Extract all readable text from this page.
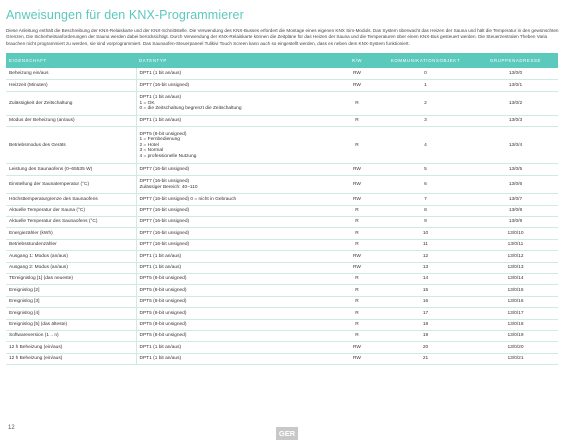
Anweisungen für den KNX-Programmierer

Diese Anleitung enthält die Beschreibung der KNX-Relaiskarte und der KNX-Schnittstelle. Die Verwendung des KNX-Busses erfordert die Montage eines eigenen KNX Sim-Moduls. Das System überwacht das Heizen der Sauna und hält die Temperatur in den gewünschten Grenzen. Die Sicherheitsanforderungen der Sauna werden dabei berücksichtigt. Durch Verwendung der KNX-Relaiskarte können die Zeitpläne für das Heizen der Sauna und die Temperaturen über einen KNX-Bus gesteuert werden. Die Steuerzentralen Theben Varia brauchen nicht programmiert zu werden, sie sind vorprogrammiert. Das Saunaofen-Steuerpaneel Tulikivi Touch Screen kann auch so eingestellt werden, dass es neben dem KNX-System funktioniert.

EIGENSCHAFT	DATENTYP	R/W	KOMMUNIKATIONSOBJEKT	GRUPPENADRESSE
Beheizung ein/aus	DPT1 (1 bit an/aus)	RW	0	13/0/0
Heizzeit (Minuten)	DPT7 (16-bit unsigned)	RW	1	13/0/1
Zulässigkeit der Zeitschaltung	DPT1 (1 bit an/aus)
1 = OK
0 = die Zeitschaltung begrenzt die Zeitschaltung	R	2	13/0/2
Modus der Beheizung (an/aus)	DPT1 (1 bit an/aus)	R	3	13/0/3
Betriebsmodus des Geräts	DPT5 (8-bit unsigned)
1 = Fernbedienung
2 = Hotel
3 = Normal
4 = professionelle Nutzung	R	4	13/0/4
Leistung des Saunaofens (0–65535 W)	DPT7 (16-bit unsigned)	RW	5	13/0/5
Einstellung der Saunatemperatur (°C)	DPT7 (16-bit unsigned)
Zulässiger Bereich: 40–110	RW	6	13/0/6
Höchsttemperaturgrenze des Saunaofens	DPT7 (16-bit unsigned) 0 = nicht in Gebrauch	RW	7	13/0/7
Aktuelle Temperatur der Sauna (°C)	DPT7 (16-bit unsigned)	R	8	13/0/8
Aktuelle Temperatur des Saunaofens (°C)	DPT7 (16-bit unsigned)	R	9	13/0/9
Energiezähler (kWh)	DPT7 (16-bit unsigned)	R	10	13/0/10
Betriebsstundenzähler	DPT7 (16-bit unsigned)	R	11	13/0/11
Ausgang 1: Modus (an/aus)	DPT1 (1 bit an/aus)	RW	12	13/0/12
Ausgang 2: Modus (an/aus)	DPT1 (1 bit an/aus)	RW	13	13/0/13
TEreignislog [1] (das neueste)	DPT5 (8-bit unsigned)	R	14	13/0/14
Ereignislog [2]	DPT5 (8-bit unsigned)	R	15	13/0/15
Ereignislog [3]	DPT5 (8-bit unsigned)	R	16	13/0/16
Ereignislog [4]	DPT5 (8-bit unsigned)	R	17	13/0/17
Ereignislog [5] (das älteste)	DPT5 (8-bit unsigned)	R	18	13/0/18
Softwareversion (1 .. n)	DPT5 (8-bit unsigned)	R	19	13/0/19
12 h Beheizung (ein/aus)	DPT1 (1 bit an/aus)	RW	20	13/0/20
12 h Beheizung (ein/aus)	DPT1 (1 bit an/aus)	RW	21	13/0/21
12
GER
